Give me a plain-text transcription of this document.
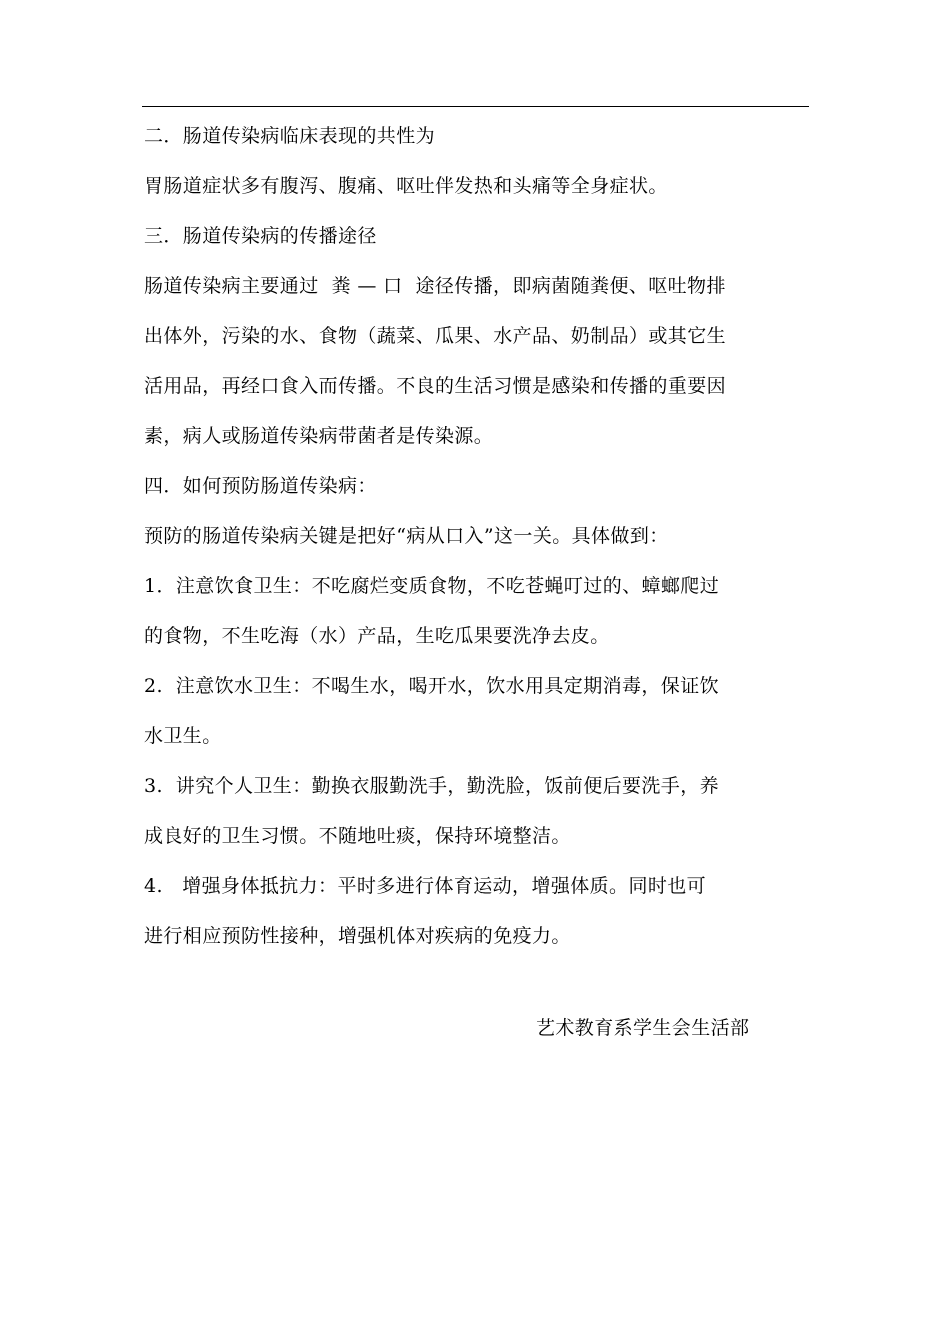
二．肠道传染病临床表现的共性为
胃肠道症状多有腹泻、腹痛、呕吐伴发热和头痛等全身症状。
三．肠道传染病的传播途径
肠道传染病主要通过  粪 — 口  途径传播，即病菌随粪便、呕吐物排
出体外，污染的水、食物（蔬菜、瓜果、水产品、奶制品）或其它生
活用品，再经口食入而传播。不良的生活习惯是感染和传播的重要因
素，病人或肠道传染病带菌者是传染源。
四．如何预防肠道传染病：
预防的肠道传染病关键是把好“病从口入”这一关。具体做到：
1．注意饮食卫生：不吃腐烂变质食物，不吃苍蝇叮过的、蟑螂爬过
的食物，不生吃海（水）产品，生吃瓜果要洗净去皮。
2.  注意饮水卫生：不喝生水，喝开水，饮水用具定期消毒，保证饮
水卫生。
3.  讲究个人卫生：勤换衣服勤洗手，勤洗脸，饭前便后要洗手，养
成良好的卫生习惯。不随地吐痰，保持环境整洁。
4.   增强身体抵抗力：平时多进行体育运动，增强体质。同时也可
进行相应预防性接种，增强机体对疾病的免疫力。
艺术教育系学生会生活部
